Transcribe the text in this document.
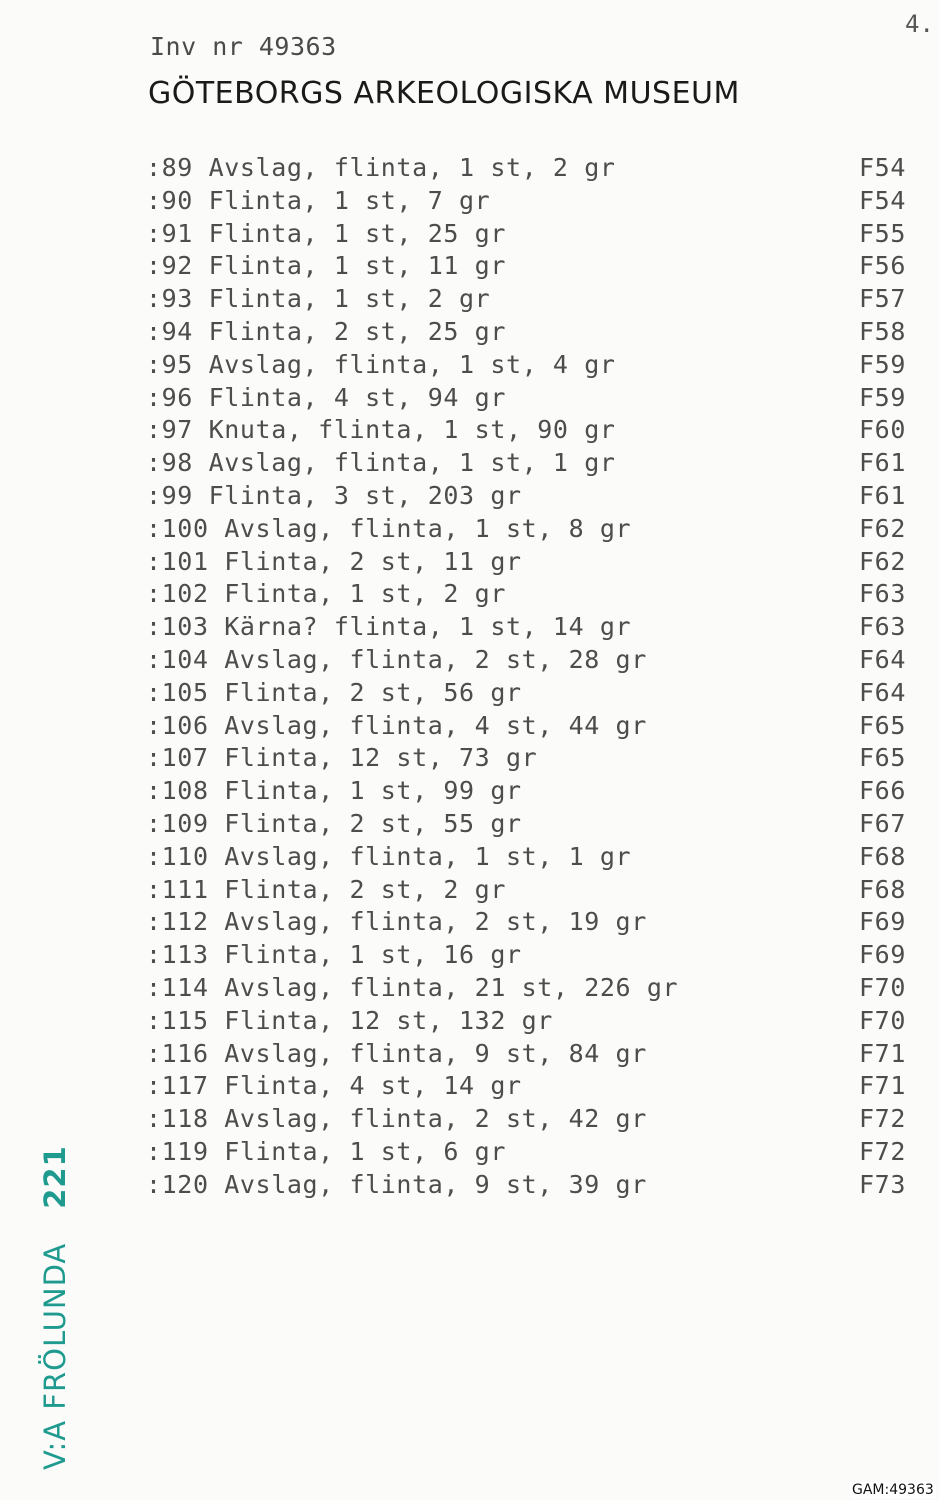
4.
Inv nr 49363
GÖTEBORGS ARKEOLOGISKA MUSEUM
:89 Avslag, flinta, 1 st, 2 gr	F54
:90 Flinta, 1 st, 7 gr	F54
:91 Flinta, 1 st, 25 gr	F55
:92 Flinta, 1 st, 11 gr	F56
:93 Flinta, 1 st, 2 gr	F57
:94 Flinta, 2 st, 25 gr	F58
:95 Avslag, flinta, 1 st, 4 gr	F59
:96 Flinta, 4 st, 94 gr	F59
:97 Knuta, flinta, 1 st, 90 gr	F60
:98 Avslag, flinta, 1 st, 1 gr	F61
:99 Flinta, 3 st, 203 gr	F61
:100 Avslag, flinta, 1 st, 8 gr	F62
:101 Flinta, 2 st, 11 gr	F62
:102 Flinta, 1 st, 2 gr	F63
:103 Kärna? flinta, 1 st, 14 gr	F63
:104 Avslag, flinta, 2 st, 28 gr	F64
:105 Flinta, 2 st, 56 gr	F64
:106 Avslag, flinta, 4 st, 44 gr	F65
:107 Flinta, 12 st, 73 gr	F65
:108 Flinta, 1 st, 99 gr	F66
:109 Flinta, 2 st, 55 gr	F67
:110 Avslag, flinta, 1 st, 1 gr	F68
:111 Flinta, 2 st, 2 gr	F68
:112 Avslag, flinta, 2 st, 19 gr	F69
:113 Flinta, 1 st, 16 gr	F69
:114 Avslag, flinta, 21 st, 226 gr	F70
:115 Flinta, 12 st, 132 gr	F70
:116 Avslag, flinta, 9 st, 84 gr	F71
:117 Flinta, 4 st, 14 gr	F71
:118 Avslag, flinta, 2 st, 42 gr	F72
:119 Flinta, 1 st, 6 gr	F72
:120 Avslag, flinta, 9 st, 39 gr	F73
V:A FRÖLUNDA221
GAM:49363
